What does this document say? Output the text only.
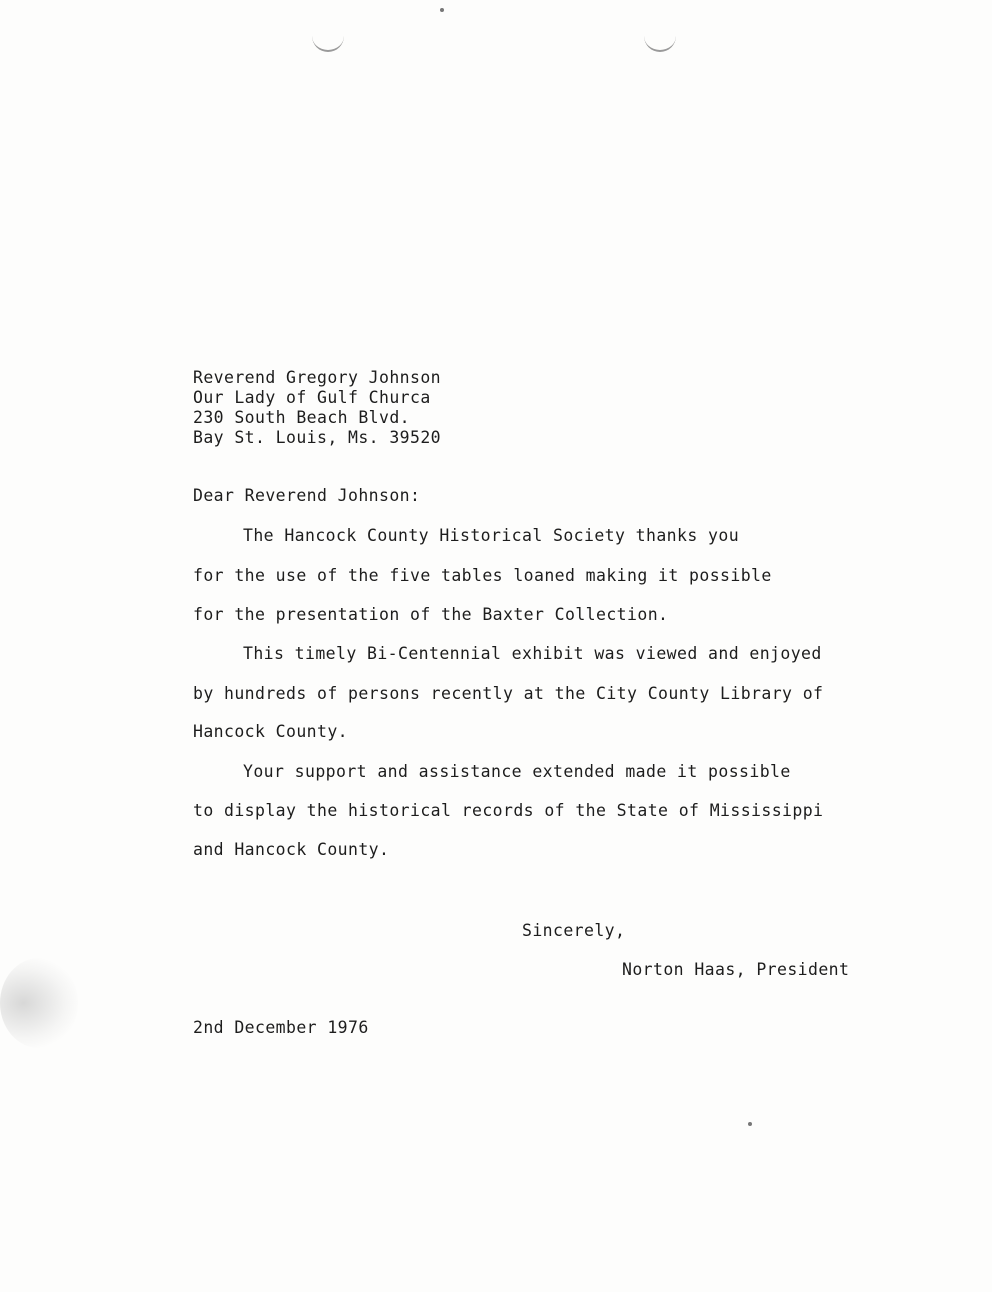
Reverend Gregory Johnson
Our Lady of Gulf Churca
230 South Beach Blvd.
Bay St. Louis, Ms. 39520
Dear Reverend Johnson:
The Hancock County Historical Society thanks you
for the use of the five tables loaned making it possible
for the presentation of the Baxter Collection.
This timely Bi-Centennial exhibit was viewed and enjoyed
by hundreds of persons recently at the City County Library of
Hancock County.
Your support and assistance extended made it possible
to display the historical records of the State of Mississippi
and Hancock County.
Sincerely,
Norton Haas, President
2nd December 1976
